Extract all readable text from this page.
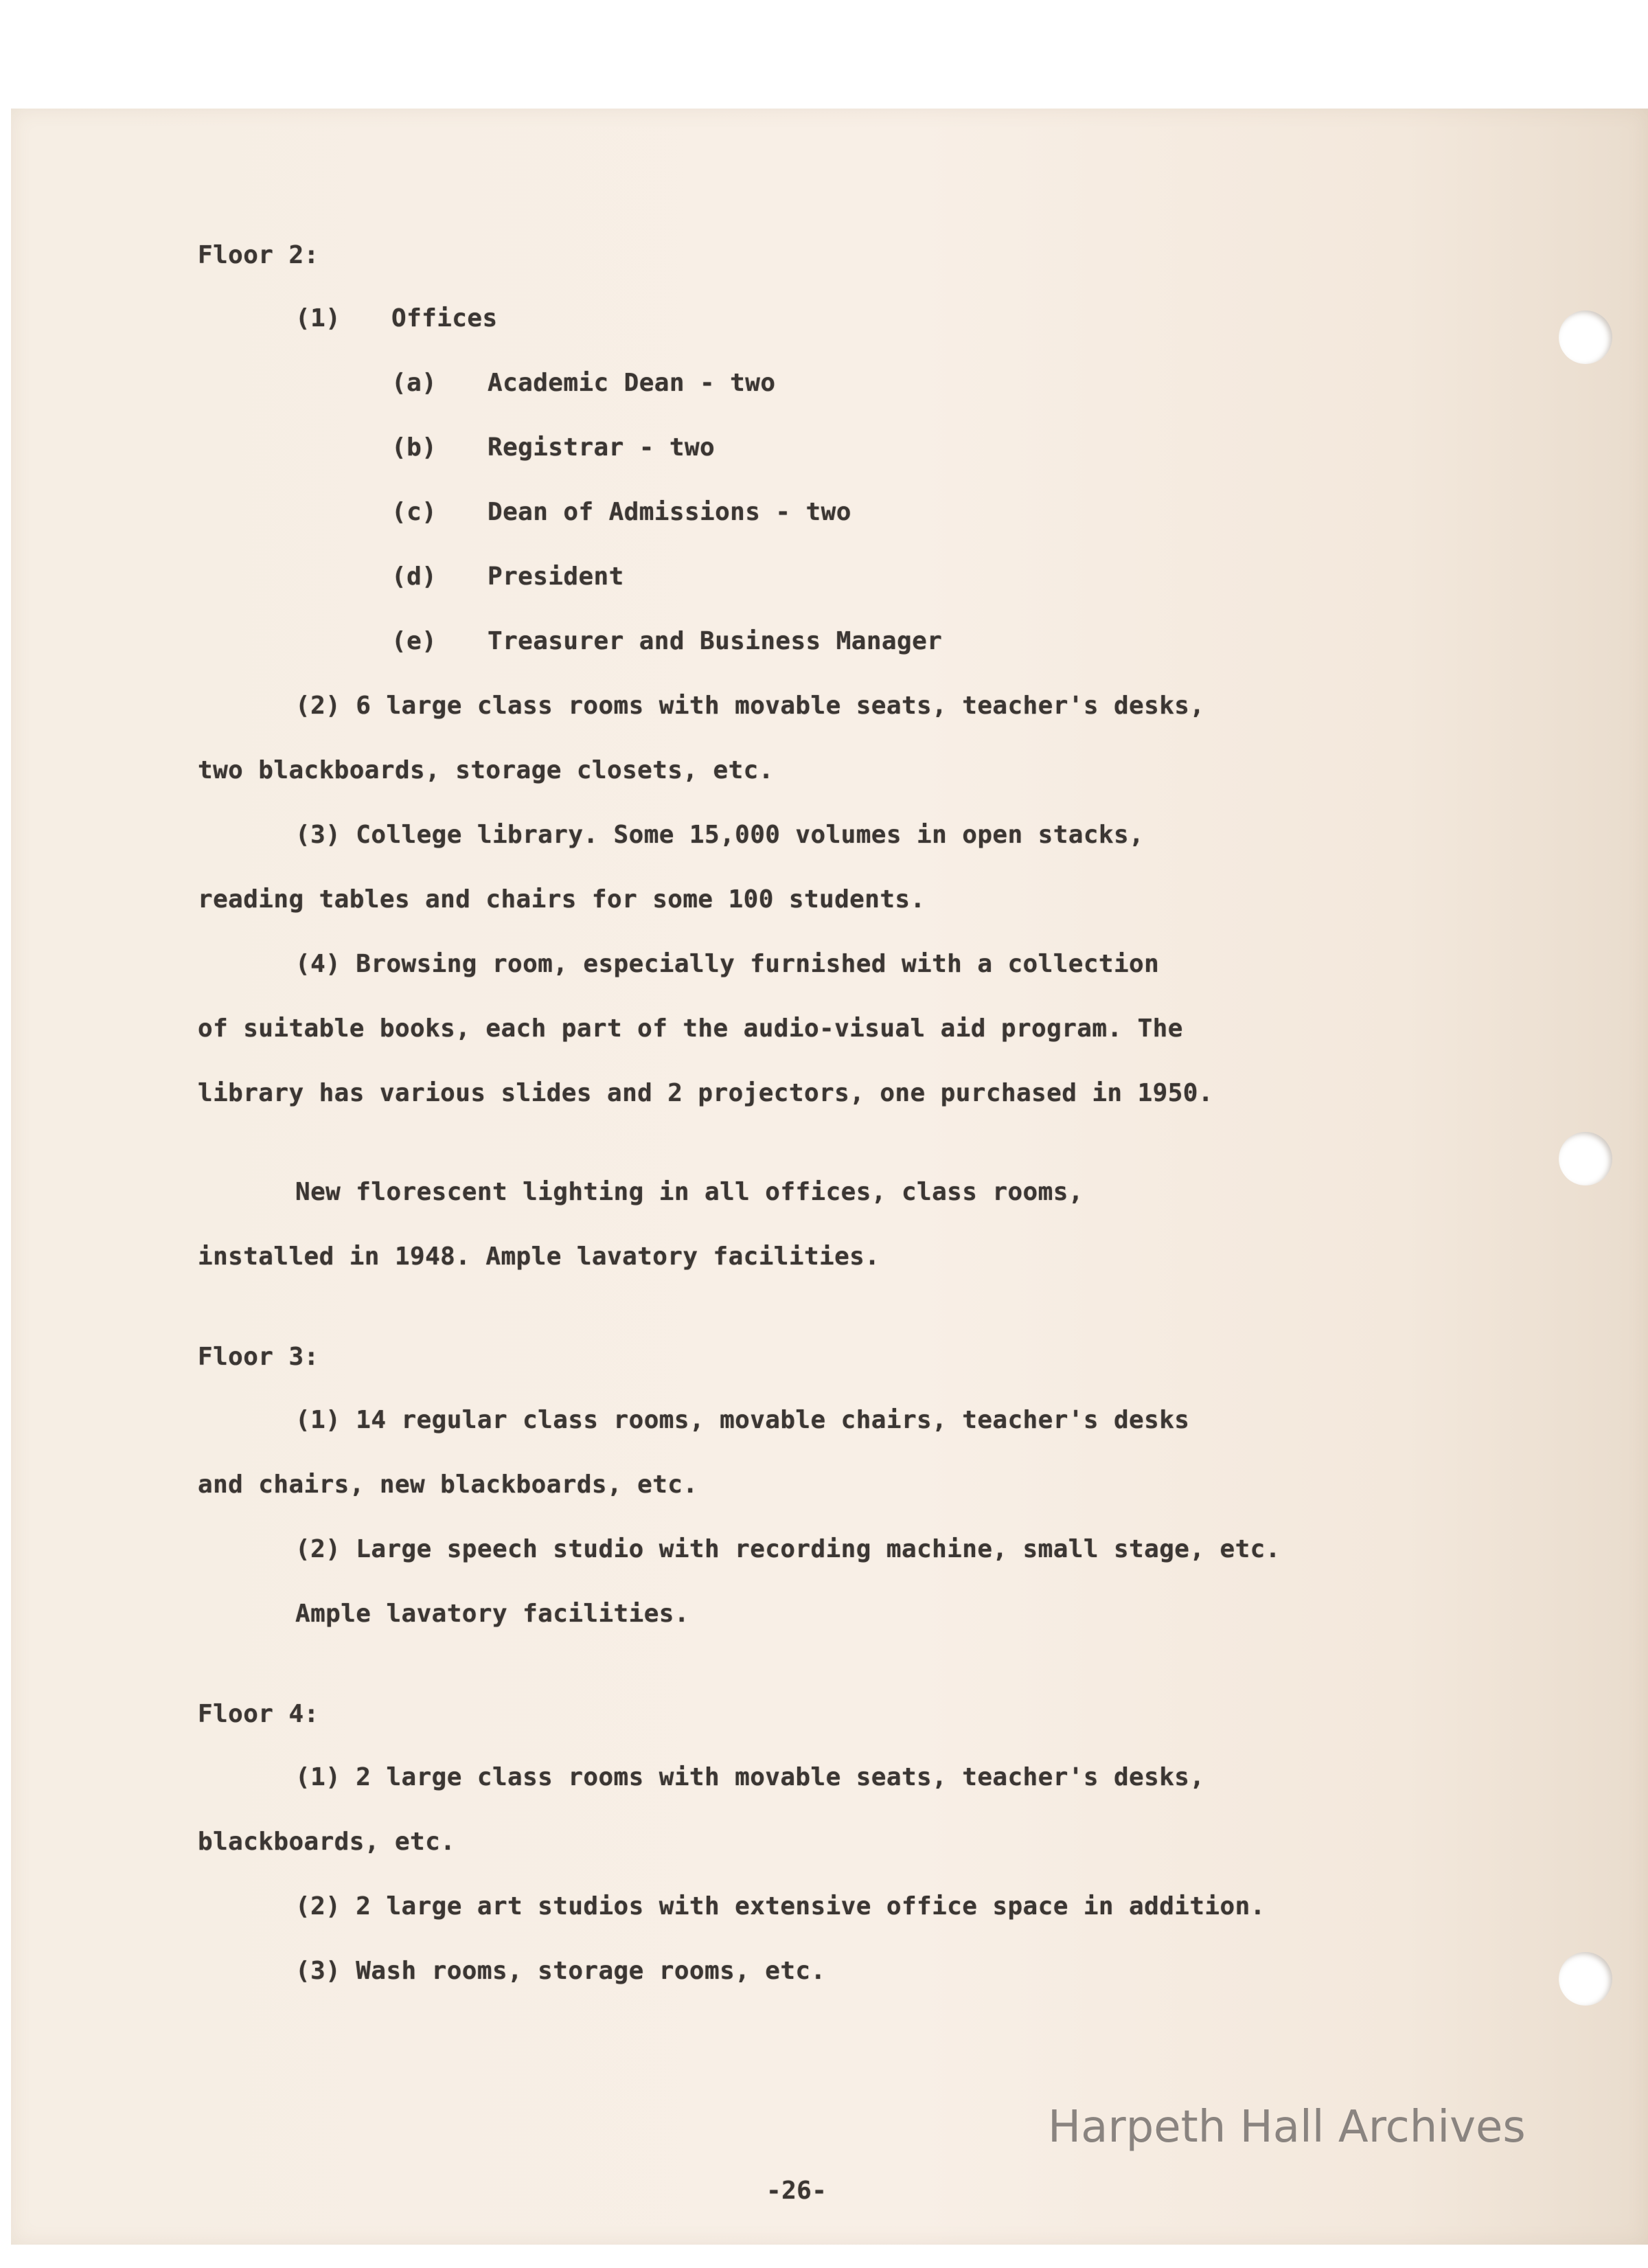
Floor 2:
(1) Offices
(a) Academic Dean - two
(b) Registrar - two
(c) Dean of Admissions - two
(d) President
(e) Treasurer and Business Manager
(2) 6 large class rooms with movable seats, teacher's desks,
two blackboards, storage closets, etc.
(3) College library. Some 15,000 volumes in open stacks,
reading tables and chairs for some 100 students.
(4) Browsing room, especially furnished with a collection
of suitable books, each part of the audio-visual aid program. The
library has various slides and 2 projectors, one purchased in 1950.
New florescent lighting in all offices, class rooms,
installed in 1948. Ample lavatory facilities.
Floor 3:
(1) 14 regular class rooms, movable chairs, teacher's desks
and chairs, new blackboards, etc.
(2) Large speech studio with recording machine, small stage, etc.
Ample lavatory facilities.
Floor 4:
(1) 2 large class rooms with movable seats, teacher's desks,
blackboards, etc.
(2) 2 large art studios with extensive office space in addition.
(3) Wash rooms, storage rooms, etc.
Harpeth Hall Archives
-26-
